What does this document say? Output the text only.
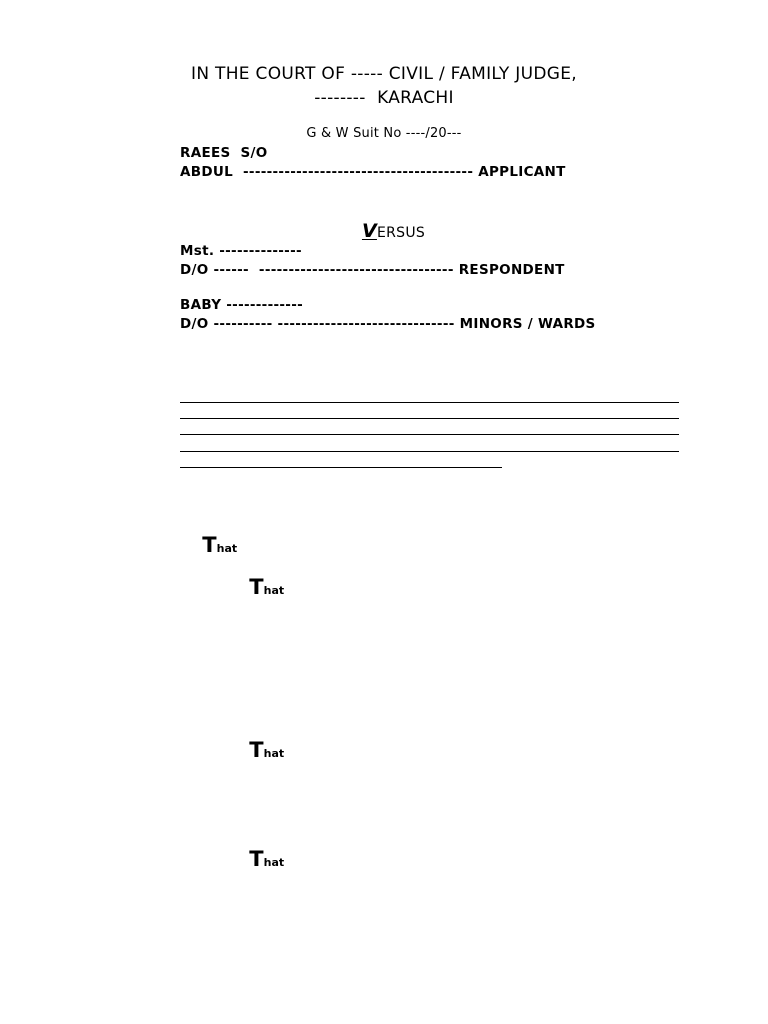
IN THE COURT OF ----- CIVIL / FAMILY JUDGE,
--------  KARACHI
G & W Suit No ----/20---
RAEES  S/O
ABDUL  --------------------------------------- APPLICANT

VERSUS

Mst. --------------
D/O ------  --------------------------------- RESPONDENT
BABY -------------
D/O ---------- ------------------------------ MINORS / WARDS

That

That

That

That
